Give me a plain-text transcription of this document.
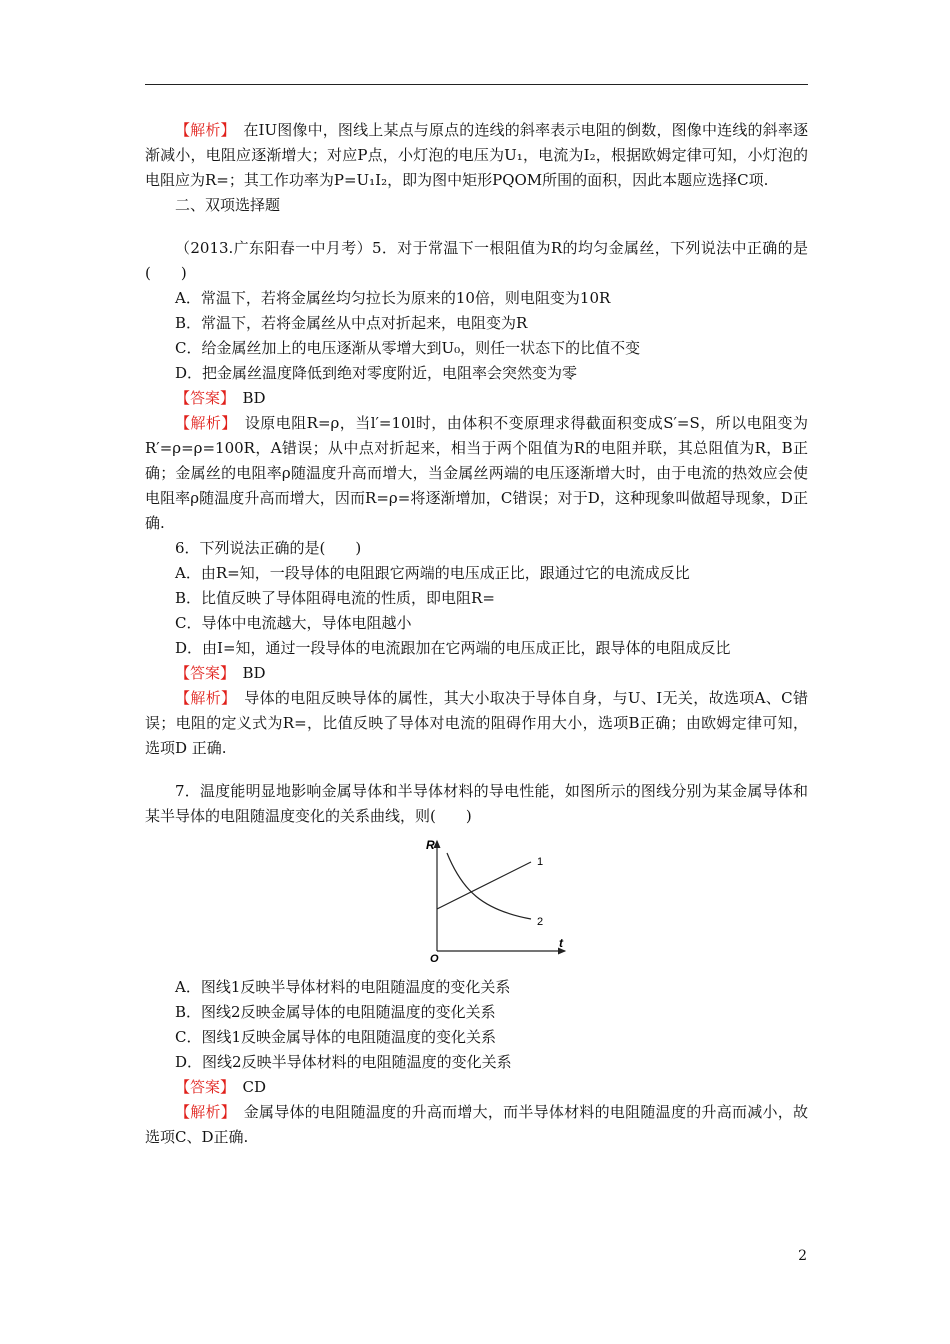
【解析】　在IU图像中，图线上某点与原点的连线的斜率表示电阻的倒数，图像中连线的斜率逐渐减小，电阻应逐渐增大；对应P点，小灯泡的电压为U₁，电流为I₂，根据欧姆定律可知，小灯泡的电阻应为R=；其工作功率为P=U₁I₂，即为图中矩形PQOM所围的面积，因此本题应选择C项.

二、双项选择题

（2013.广东阳春一中月考）5．对于常温下一根阻值为R的均匀金属丝，下列说法中正确的是(　　)

A．常温下，若将金属丝均匀拉长为原来的10倍，则电阻变为10R

B．常温下，若将金属丝从中点对折起来，电阻变为R

C．给金属丝加上的电压逐渐从零增大到U₀，则任一状态下的比值不变

D．把金属丝温度降低到绝对零度附近，电阻率会突然变为零

【答案】　BD

【解析】　设原电阻R=ρ，当l′=10l时，由体积不变原理求得截面积变成S′=S，所以电阻变为R′=ρ=ρ=100R，A错误；从中点对折起来，相当于两个阻值为R的电阻并联，其总阻值为R，B正确；金属丝的电阻率ρ随温度升高而增大，当金属丝两端的电压逐渐增大时，由于电流的热效应会使电阻率ρ随温度升高而增大，因而R=ρ=将逐渐增加，C错误；对于D，这种现象叫做超导现象，D正确.

6．下列说法正确的是(　　)

A．由R=知，一段导体的电阻跟它两端的电压成正比，跟通过它的电流成反比

B．比值反映了导体阻碍电流的性质，即电阻R=

C．导体中电流越大，导体电阻越小

D．由I=知，通过一段导体的电流跟加在它两端的电压成正比，跟导体的电阻成反比

【答案】　BD

【解析】　导体的电阻反映导体的属性，其大小取决于导体自身，与U、I无关，故选项A、C错误；电阻的定义式为R=，比值反映了导体对电流的阻碍作用大小，选项B正确；由欧姆定律可知，选项D 正确.

7．温度能明显地影响金属导体和半导体材料的导电性能，如图所示的图线分别为某金属导体和某半导体的电阻随温度变化的关系曲线，则(　　)

R
t
O
1
2

A．图线1反映半导体材料的电阻随温度的变化关系

B．图线2反映金属导体的电阻随温度的变化关系

C．图线1反映金属导体的电阻随温度的变化关系

D．图线2反映半导体材料的电阻随温度的变化关系

【答案】　CD

【解析】　金属导体的电阻随温度的升高而增大，而半导体材料的电阻随温度的升高而减小，故选项C、D正确.

2
